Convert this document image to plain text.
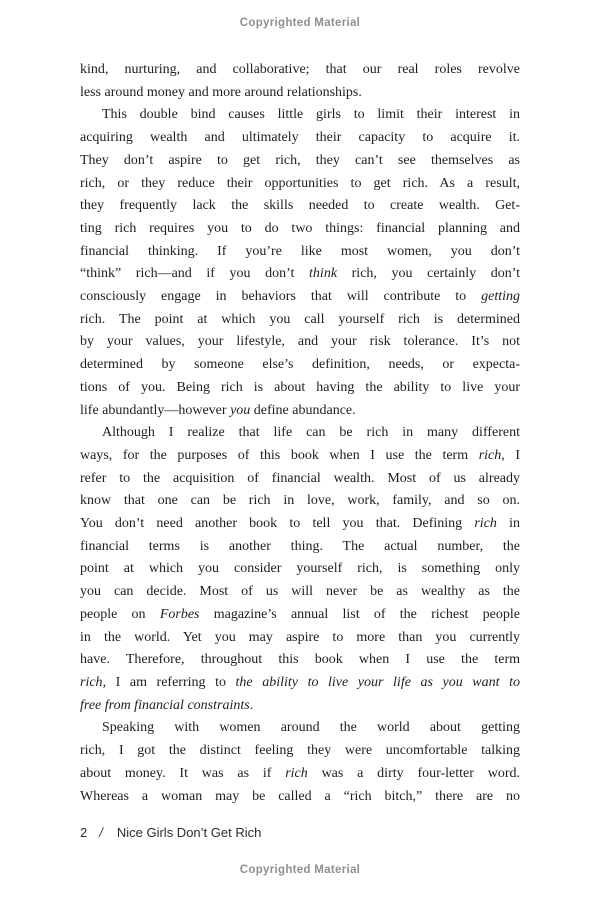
Copyrighted Material
kind, nurturing, and collaborative; that our real roles revolve
less around money and more around relationships.
This double bind causes little girls to limit their interest in
acquiring wealth and ultimately their capacity to acquire it.
They don’t aspire to get rich, they can’t see themselves as
rich, or they reduce their opportunities to get rich. As a result,
they frequently lack the skills needed to create wealth. Get-
ting rich requires you to do two things: financial planning and
financial thinking. If you’re like most women, you don’t
“think” rich—and if you don’t think rich, you certainly don’t
consciously engage in behaviors that will contribute to getting
rich. The point at which you call yourself rich is determined
by your values, your lifestyle, and your risk tolerance. It’s not
determined by someone else’s definition, needs, or expecta-
tions of you. Being rich is about having the ability to live your
life abundantly—however you define abundance.
Although I realize that life can be rich in many different
ways, for the purposes of this book when I use the term rich, I
refer to the acquisition of financial wealth. Most of us already
know that one can be rich in love, work, family, and so on.
You don’t need another book to tell you that. Defining rich in
financial terms is another thing. The actual number, the
point at which you consider yourself rich, is something only
you can decide. Most of us will never be as wealthy as the
people on Forbes magazine’s annual list of the richest people
in the world. Yet you may aspire to more than you currently
have. Therefore, throughout this book when I use the term
rich, I am referring to the ability to live your life as you want to
free from financial constraints.
Speaking with women around the world about getting
rich, I got the distinct feeling they were uncomfortable talking
about money. It was as if rich was a dirty four-letter word.
Whereas a woman may be called a “rich bitch,” there are no
2 / Nice Girls Don’t Get Rich
Copyrighted Material
